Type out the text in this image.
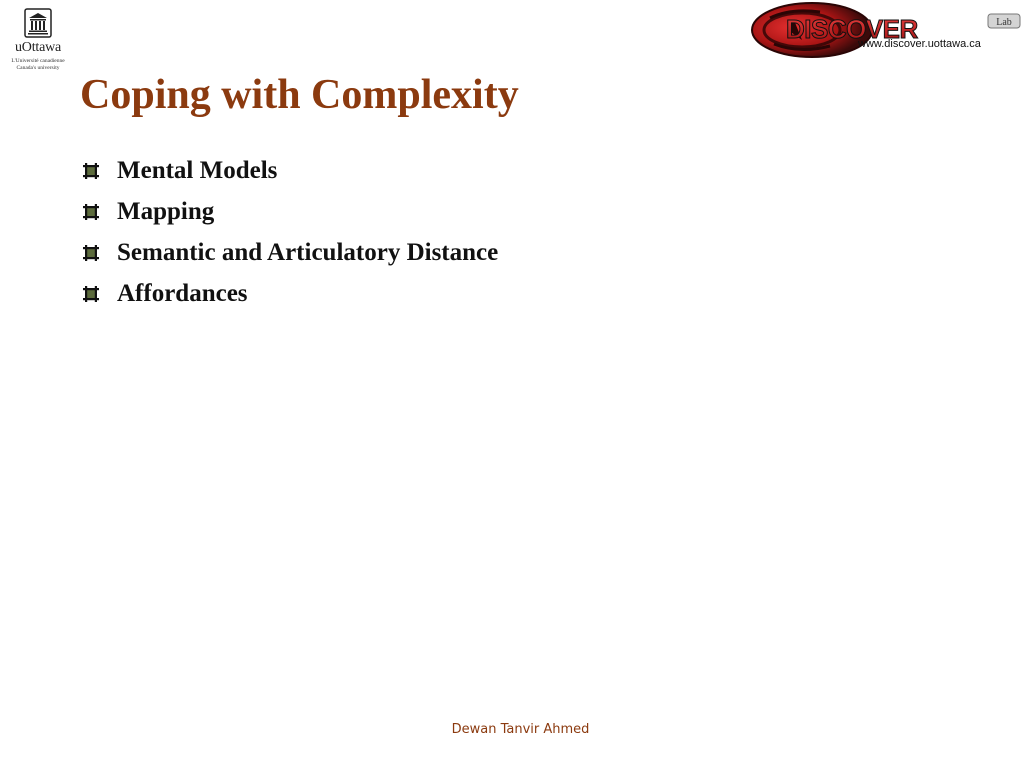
uOttawa
L'Université canadienne
Canada's university
DISCOVER	Lab
www.discover.uottawa.ca
Coping with Complexity
Mental Models
Mapping
Semantic and Articulatory Distance
Affordances
Dewan Tanvir Ahmed
